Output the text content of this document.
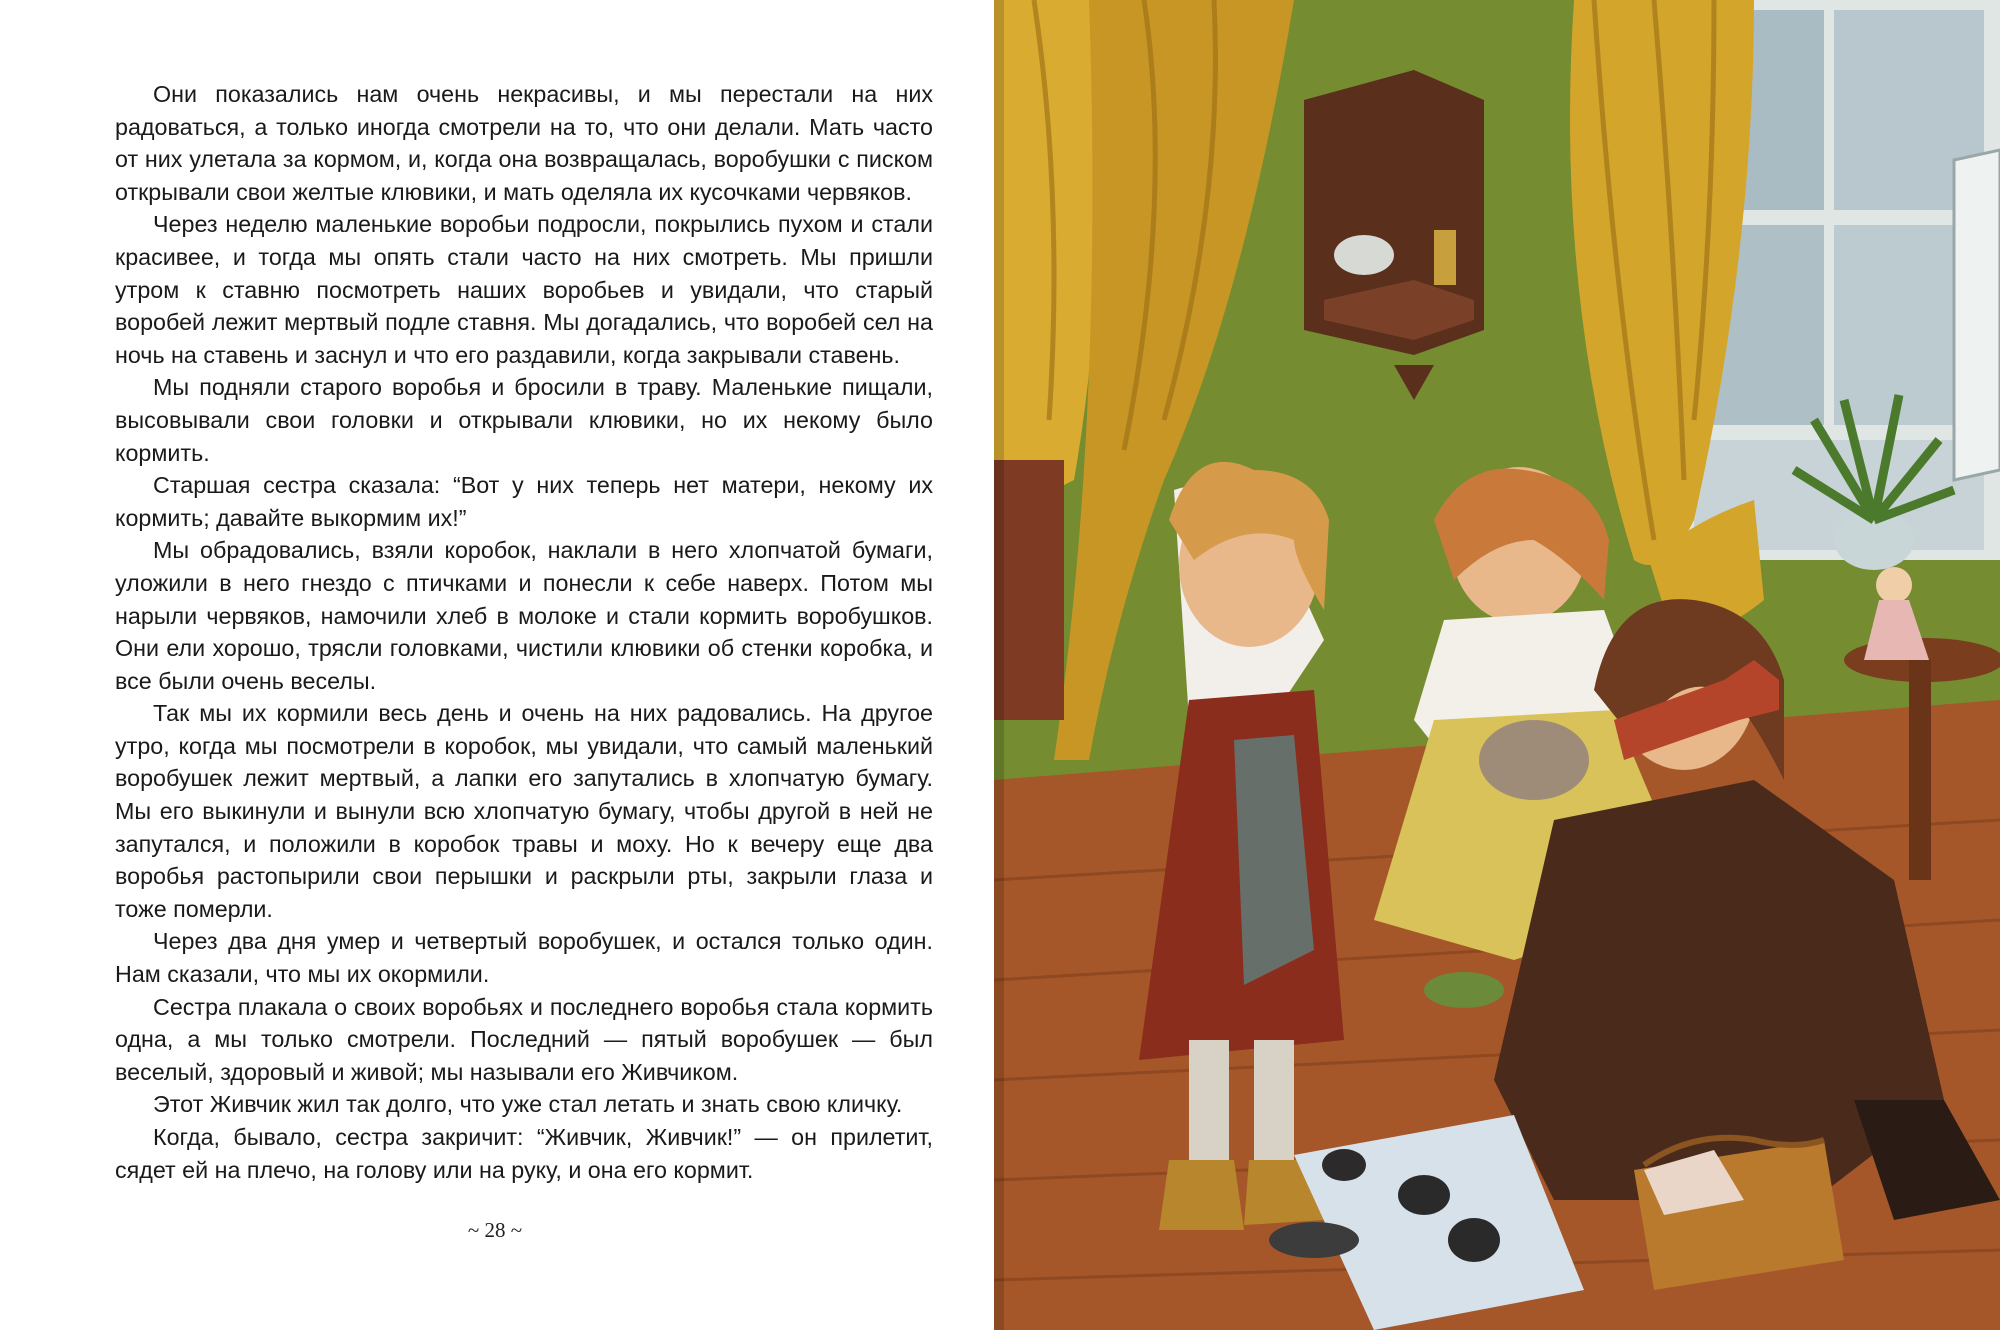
Они показались нам очень некрасивы, и мы перестали на них радоваться, а только иногда смотрели на то, что они делали. Мать часто от них улетала за кормом, и, когда она возвращалась, воробушки с писком открывали свои желтые клювики, и мать оделяла их кусочками червяков.

Через неделю маленькие воробьи подросли, покрылись пухом и стали красивее, и тогда мы опять стали часто на них смотреть. Мы пришли утром к ставню посмотреть наших воробьев и увидали, что старый воробей лежит мертвый подле ставня. Мы догадались, что воробей сел на ночь на ставень и заснул и что его раздавили, когда закрывали ставень.

Мы подняли старого воробья и бросили в траву. Маленькие пищали, высовывали свои головки и открывали клювики, но их некому было кормить.

Старшая сестра сказала: “Вот у них теперь нет матери, некому их кормить; давайте выкормим их!”

Мы обрадовались, взяли коробок, наклали в него хлопчатой бумаги, уложили в него гнездо с птичками и понесли к себе наверх. Потом мы нарыли червяков, намочили хлеб в молоке и стали кормить воробушков. Они ели хорошо, трясли головками, чистили клювики об стенки коробка, и все были очень веселы.

Так мы их кормили весь день и очень на них радовались. На другое утро, когда мы посмотрели в коробок, мы увидали, что самый маленький воробушек лежит мертвый, а лапки его запутались в хлопчатую бумагу. Мы его выкинули и вынули всю хлопчатую бумагу, чтобы другой в ней не запутался, и положили в коробок травы и моху. Но к вечеру еще два воробья растопырили свои перышки и раскрыли рты, закрыли глаза и тоже померли.

Через два дня умер и четвертый воробушек, и остался только один. Нам сказали, что мы их окормили.

Сестра плакала о своих воробьях и последнего воробья стала кормить одна, а мы только смотрели. Последний — пятый воробушек — был веселый, здоровый и живой; мы называли его Живчиком.

Этот Живчик жил так долго, что уже стал летать и знать свою кличку.

Когда, бывало, сестра закричит: “Живчик, Живчик!” — он прилетит, сядет ей на плечо, на голову или на руку, и она его кормит.

~ 28 ~
